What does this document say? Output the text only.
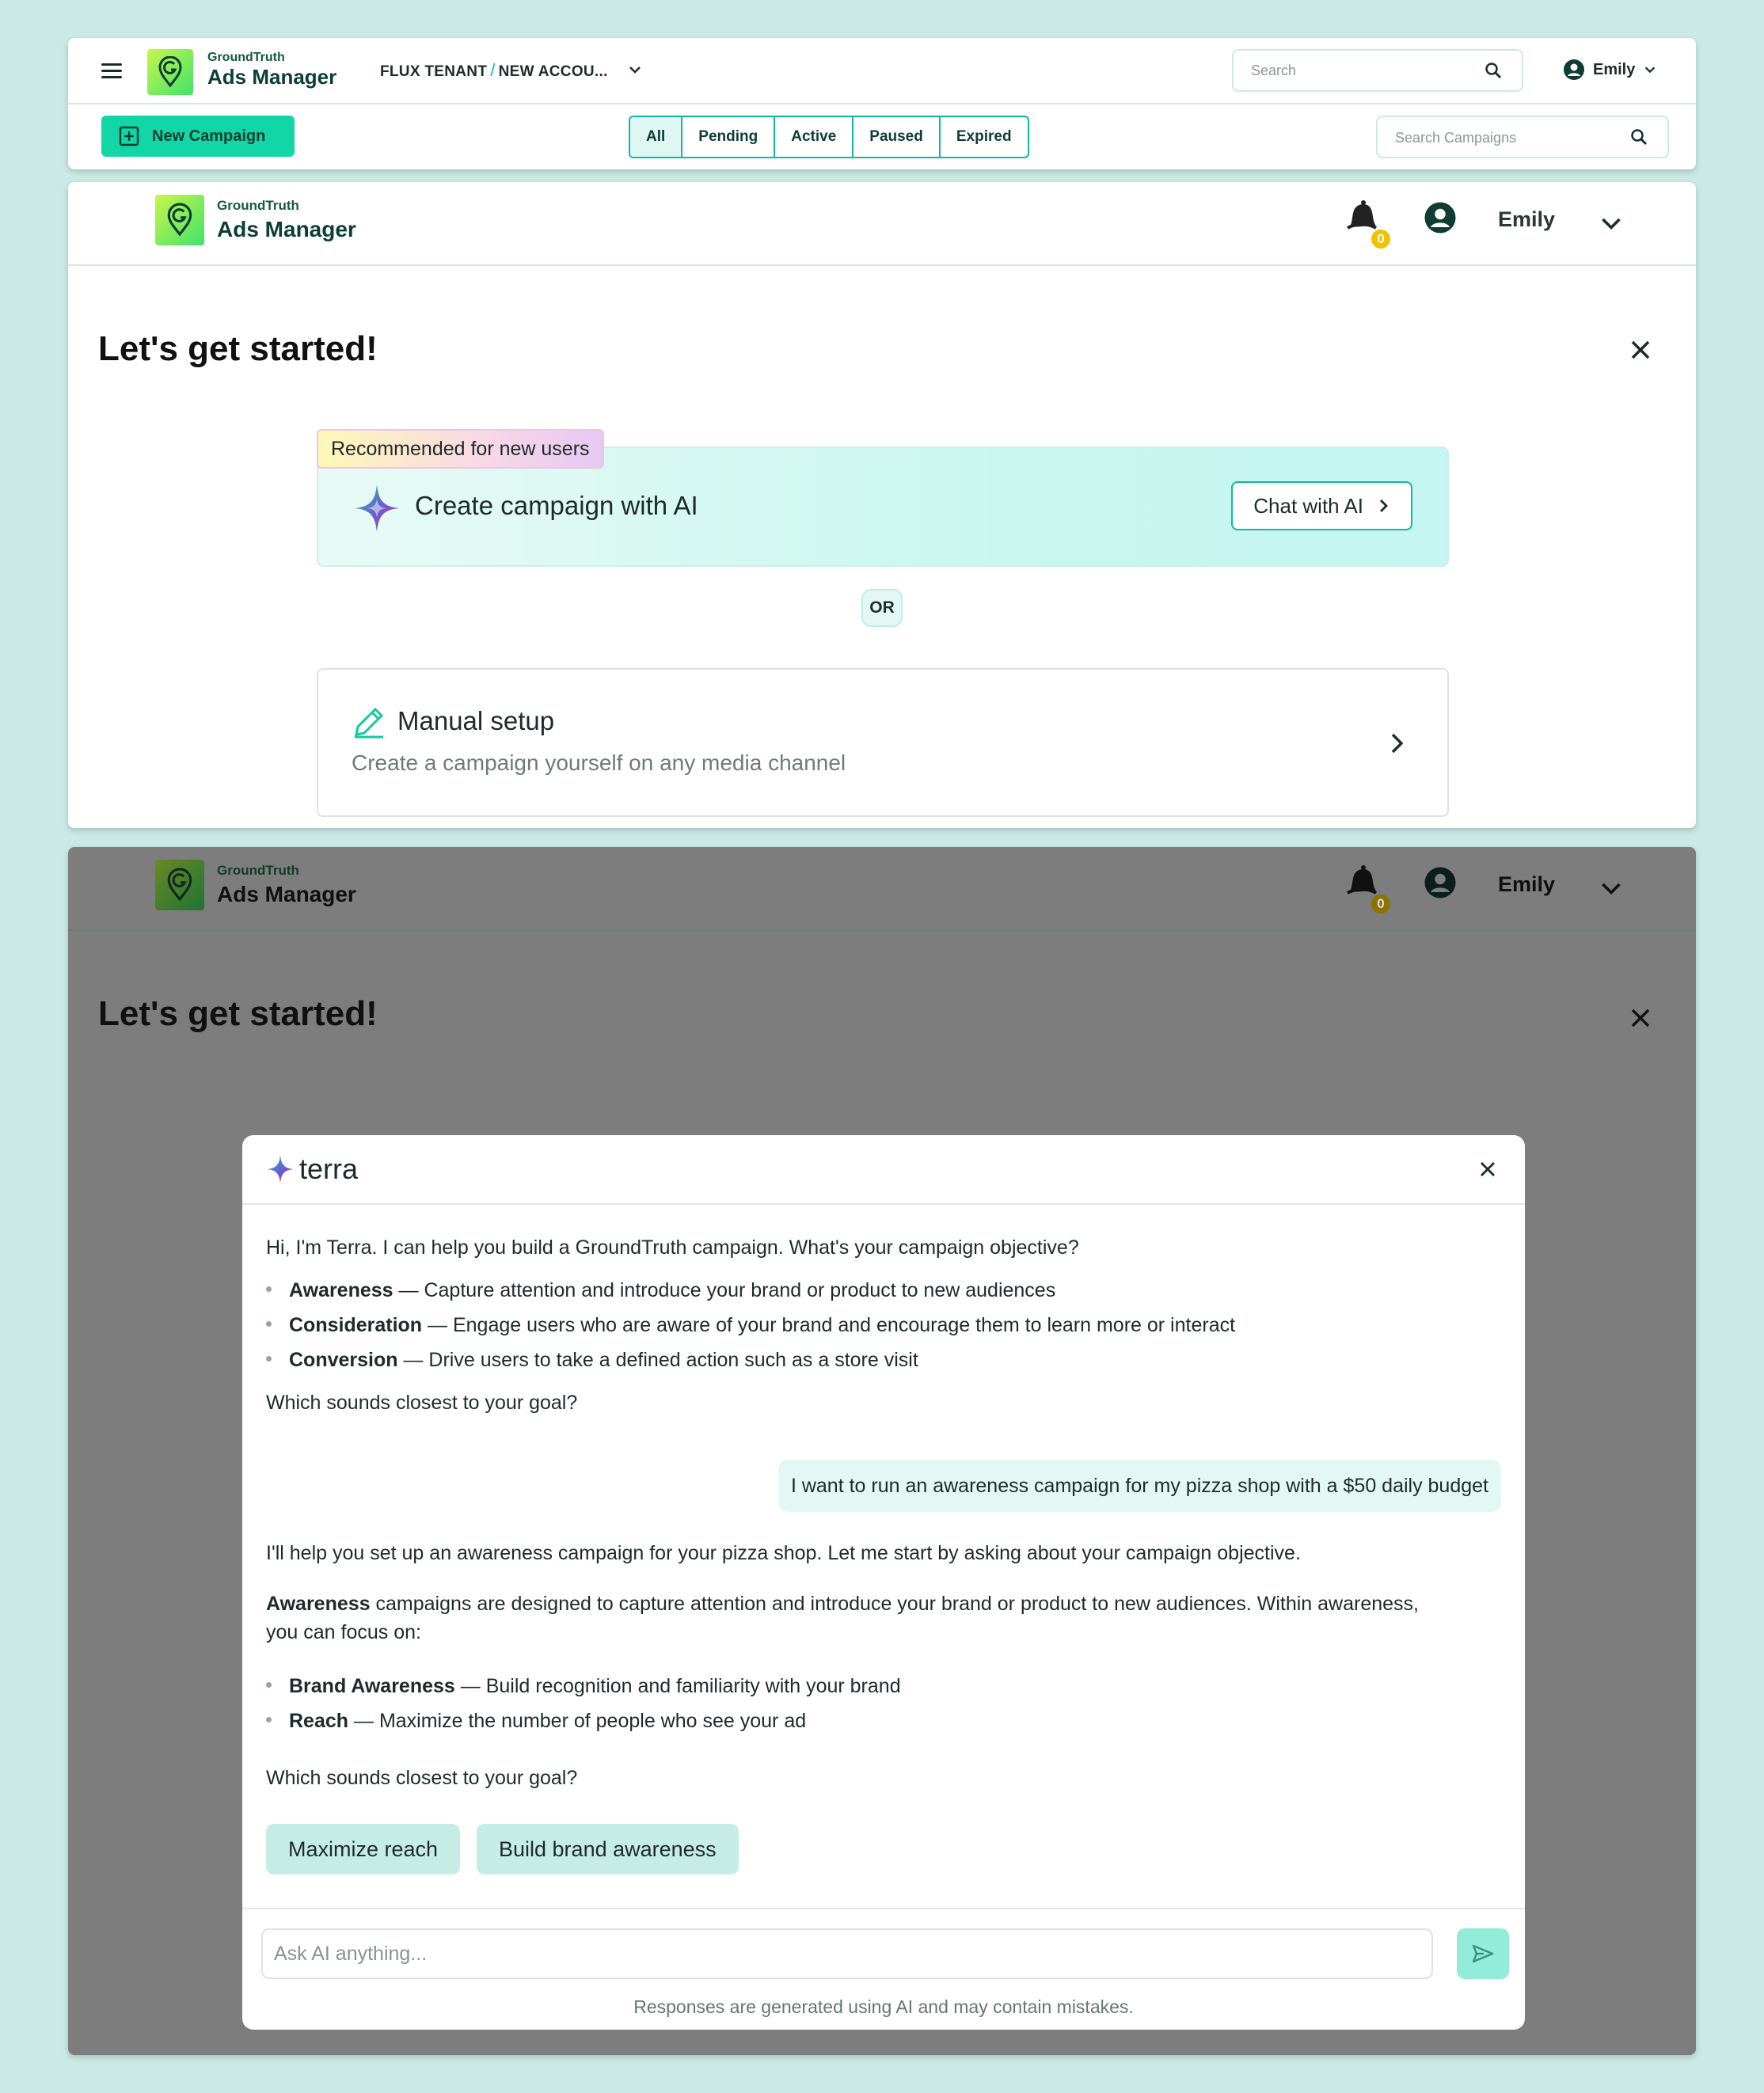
GroundTruth
Ads Manager	FLUX TENANT / NEW ACCOU...	Search	Emily
New Campaign	All	Pending	Active	Paused	Expired	Search Campaigns
GroundTruth
Ads Manager	0
Emily
Let's get started!
Recommended for new users
Create campaign with AI	Chat with AI
OR
Manual setup
Create a campaign yourself on any media channel
GroundTruth
Ads Manager	0
Emily
Let's get started!
terra
Hi, I'm Terra. I can help you build a GroundTruth campaign. What's your campaign objective?
Awareness — Capture attention and introduce your brand or product to new audiences
Consideration — Engage users who are aware of your brand and encourage them to learn more or interact
Conversion — Drive users to take a defined action such as a store visit
Which sounds closest to your goal?
I want to run an awareness campaign for my pizza shop with a $50 daily budget
I'll help you set up an awareness campaign for your pizza shop. Let me start by asking about your campaign objective.
Awareness campaigns are designed to capture attention and introduce your brand or product to new audiences. Within awareness,
you can focus on:
Brand Awareness — Build recognition and familiarity with your brand
Reach — Maximize the number of people who see your ad
Which sounds closest to your goal?
Maximize reach	Build brand awareness
Ask AI anything...
Responses are generated using AI and may contain mistakes.
